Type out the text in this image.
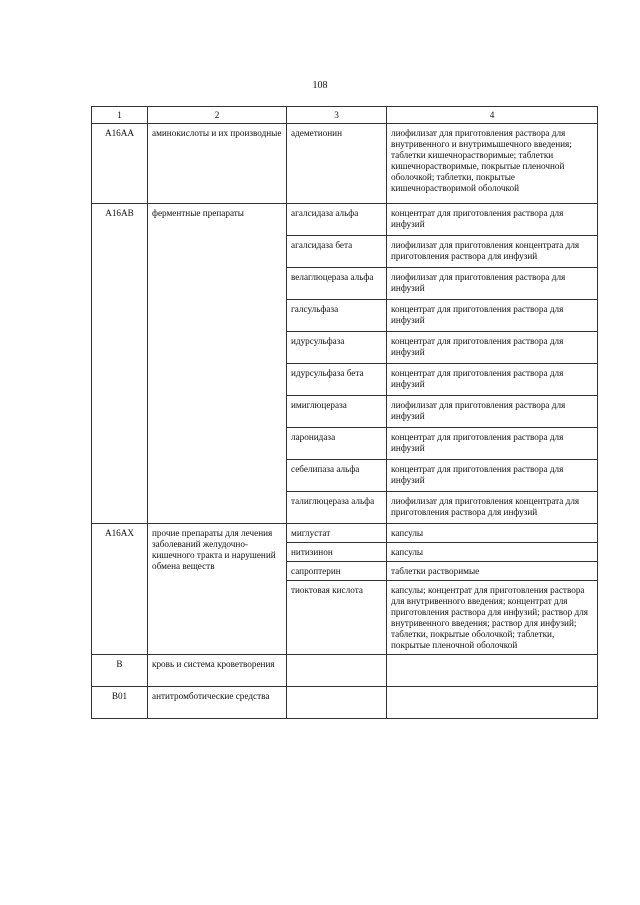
108
1	2	3	4
A16AA	аминокислоты и их производные	адеметионин	лиофилизат для приготовления раствора для внутривенного и внутримышечного введения; таблетки кишечнорастворимые; таблетки кишечнорастворимые, покрытые пленочной оболочкой; таблетки, покрытые кишечнорастворимой оболочкой
A16AB	ферментные препараты	агалсидаза альфа	концентрат для приготовления раствора для инфузий
		агалсидаза бета	лиофилизат для приготовления концентрата для приготовления раствора для инфузий
		велаглюцераза альфа	лиофилизат для приготовления раствора для инфузий
		галсульфаза	концентрат для приготовления раствора для инфузий
		идурсульфаза	концентрат для приготовления раствора для инфузий
		идурсульфаза бета	концентрат для приготовления раствора для инфузий
		имиглюцераза	лиофилизат для приготовления раствора для инфузий
		ларонидаза	концентрат для приготовления раствора для инфузий
		себелипаза альфа	концентрат для приготовления раствора для инфузий
		талиглюцераза альфа	лиофилизат для приготовления концентрата для приготовления раствора для инфузий
A16AX	прочие препараты для лечения заболеваний желудочно-кишечного тракта и нарушений обмена веществ	миглустат	капсулы
		нитизинон	капсулы
		сапроптерин	таблетки растворимые
		тиоктовая кислота	капсулы; концентрат для приготовления раствора для внутривенного введения; концентрат для приготовления раствора для инфузий; раствор для внутривенного введения; раствор для инфузий; таблетки, покрытые оболочкой; таблетки, покрытые пленочной оболочкой
B	кровь и система кроветворения		
B01	антитромботические средства		
